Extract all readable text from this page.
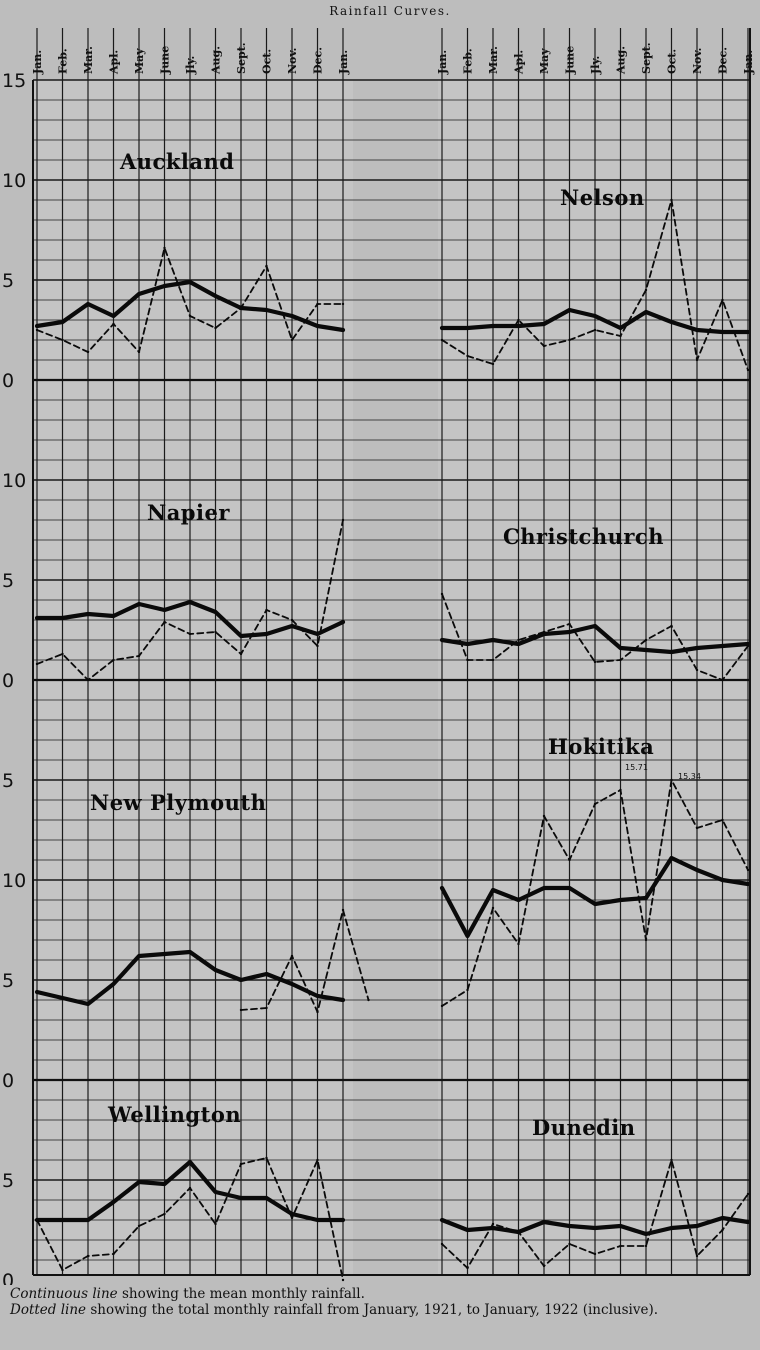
Rainfall Curves.
Jan.	Jan.
Feb.	Feb.
Mar.	Mar.
Apl.	Apl.
May	May
June	June
Jly.	Jly.
Aug.	Aug.
Sept.	Sept.
Oct.	Oct.
Nov.	Nov.
Dec.	Dec.
Jan.	Jan.
15
10
5
0
10
5
0
5
10
5
0
5
0
Auckland
Nelson
Napier
Christchurch
New Plymouth
Hokitika
15.71
15.34
Wellington
Dunedin
Continuous line showing the mean monthly rainfall.
Dotted line showing the total monthly rainfall from January, 1921, to January, 1922 (inclusive).
